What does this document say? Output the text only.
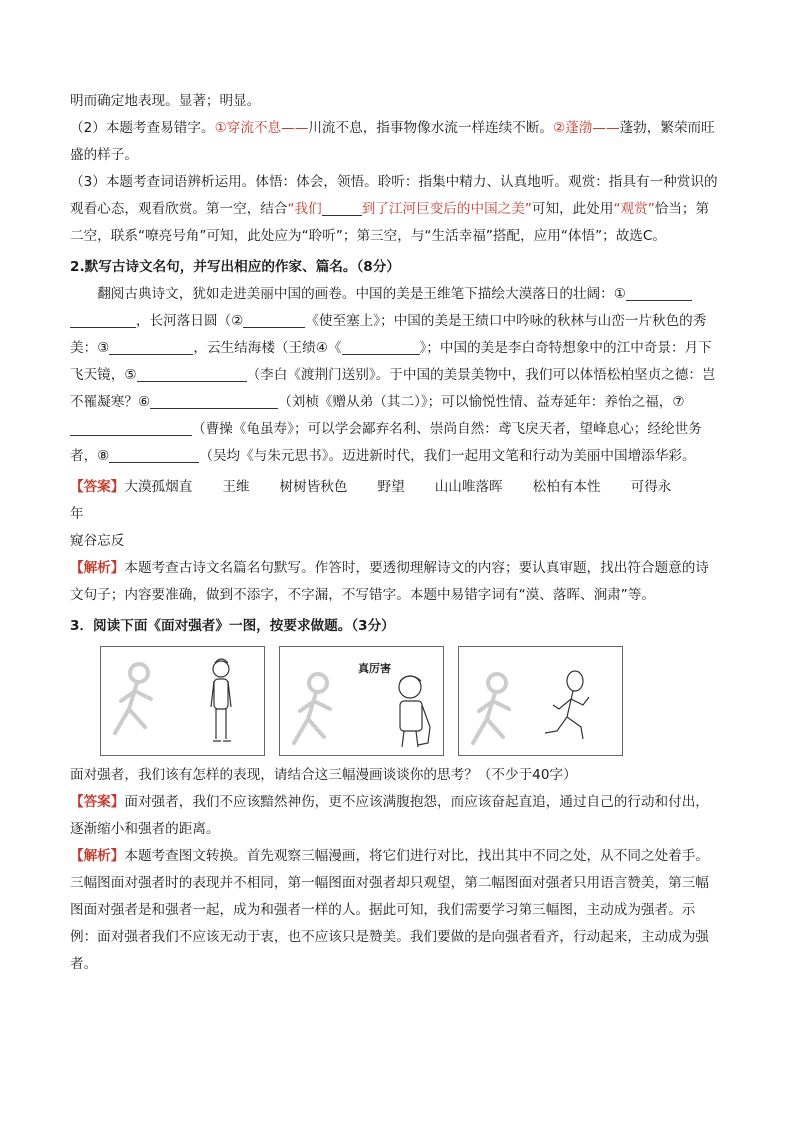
明而确定地表现。显著；明显。

（2）本题考查易错字。①穿流不息——川流不息，指事物像水流一样连续不断。②蓬渤——蓬勃，繁荣而旺盛的样子。

（3）本题考查词语辨析运用。体悟：体会，领悟。聆听：指集中精力、认真地听。观赏：指具有一种赏识的观看心态，观看欣赏。第一空，结合“我们	到了江河巨变后的中国之美”可知，此处用“观赏”恰当；第二空，联系“嘹亮号角”可知，此处应为“聆听”；第三空，与“生活幸福”搭配，应用“体悟”；故选C。

2.默写古诗文名句，并写出相应的作家、篇名。（8分）

翻阅古典诗文，犹如走进美丽中国的画卷。中国的美是王维笔下描绘大漠落日的壮阔：① ，长河落日圆（②	《使至塞上》；中国的美是王绩口中吟咏的秋林与山峦一片秋色的秀美：③	，云生结海楼（王绩④《	》；中国的美是李白奇特想象中的江中奇景：月下飞天镜，⑤	（李白《渡荆门送别》。于中国的美景美物中，我们可以体悟松柏坚贞之德：岂不罹凝寒？⑥	（刘桢《赠从弟（其二）》；可以愉悦性情、益寿延年：养怡之福，⑦（曹操《龟虽寿》；可以学会鄙弃名利、崇尚自然：鸢飞戾天者，望峰息心；经纶世务者，⑧	（吴均《与朱元思书》。迈进新时代，我们一起用文笔和行动为美丽中国增添华彩。

【答案】大漠孤烟直 王维 树树皆秋色 野望 山山唯落晖 松柏有本性 可得永

年

窥谷忘反

【解析】本题考查古诗文名篇名句默写。作答时，要透彻理解诗文的内容；要认真审题，找出符合题意的诗文句子；内容要准确，做到不添字，不字漏，不写错字。本题中易错字词有“漠、落晖、涧肃”等。

3．阅读下面《面对强者》一图，按要求做题。（3分）

真厉害

面对强者，我们该有怎样的表现，请结合这三幅漫画谈谈你的思考？（不少于40字）

【答案】面对强者，我们不应该黯然神伤，更不应该满腹抱怨，而应该奋起直追，通过自己的行动和付出，逐渐缩小和强者的距离。

【解析】本题考查图文转换。首先观察三幅漫画，将它们进行对比，找出其中不同之处，从不同之处着手。三幅图面对强者时的表现并不相同，第一幅图面对强者却只观望，第二幅图面对强者只用语言赞美，第三幅图面对强者是和强者一起，成为和强者一样的人。据此可知，我们需要学习第三幅图，主动成为强者。示例：面对强者我们不应该无动于衷，也不应该只是赞美。我们要做的是向强者看齐，行动起来，主动成为强者。
